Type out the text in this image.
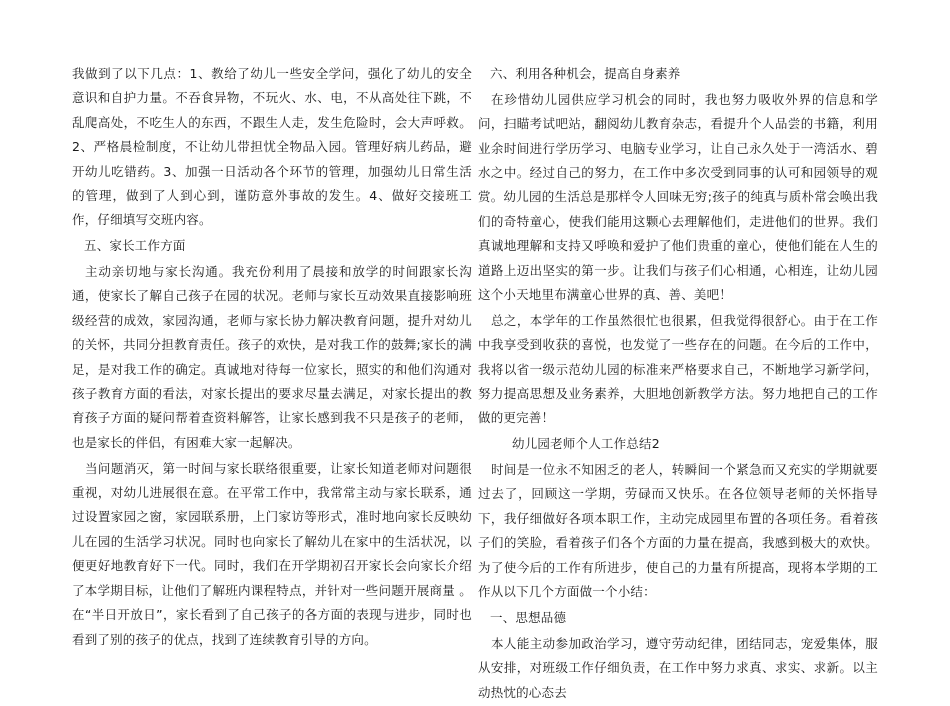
我做到了以下几点：1、教给了幼儿一些安全学问，强化了幼儿的安全意识和自护力量。不吞食异物，不玩火、水、电，不从高处往下跳，不乱爬高处，不吃生人的东西，不跟生人走，发生危险时，会大声呼救。2、严格晨检制度，不让幼儿带担忧全物品入园。管理好病儿药品，避开幼儿吃错药。3、加强一日活动各个环节的管理，加强幼儿日常生活的管理，做到了人到心到，谨防意外事故的发生。4、做好交接班工作，仔细填写交班内容。

五、家长工作方面

主动亲切地与家长沟通。我充份利用了晨接和放学的时间跟家长沟通，使家长了解自己孩子在园的状况。老师与家长互动效果直接影响班级经营的成效，家园沟通，老师与家长协力解决教育问题，提升对幼儿的关怀，共同分担教育责任。孩子的欢快，是对我工作的鼓舞;家长的满足，是对我工作的确定。真诚地对待每一位家长，照实的和他们沟通对孩子教育方面的看法，对家长提出的要求尽量去满足，对家长提出的教育孩子方面的疑问帮着查资料解答，让家长感到我不只是孩子的老师，也是家长的伴侣，有困难大家一起解决。

当问题消灭，第一时间与家长联络很重要，让家长知道老师对问题很重视，对幼儿进展很在意。在平常工作中，我常常主动与家长联系，通过设置家园之窗，家园联系册，上门家访等形式，准时地向家长反映幼儿在园的生活学习状况。同时也向家长了解幼儿在家中的生活状况，以便更好地教育好下一代。同时，我们在开学期初召开家长会向家长介绍了本学期目标，让他们了解班内课程特点，并针对一些问题开展商量 。在“半日开放日”，家长看到了自己孩子的各方面的表现与进步，同时也看到了别的孩子的优点，找到了连续教育引导的方向。

六、利用各种机会，提高自身素养

在珍惜幼儿园供应学习机会的同时，我也努力吸收外界的信息和学问，扫瞄考试吧站，翻阅幼儿教育杂志，看提升个人品尝的书籍，利用业余时间进行学历学习、电脑专业学习，让自己永久处于一湾活水、碧水之中。经过自己的努力，在工作中多次受到同事的认可和园领导的观赏。幼儿园的生活总是那样令人回味无穷;孩子的纯真与质朴常会唤出我们的奇特童心，使我们能用这颗心去理解他们，走进他们的世界。我们真诚地理解和支持又呼唤和爱护了他们贵重的童心，使他们能在人生的道路上迈出坚实的第一步。让我们与孩子们心相通，心相连，让幼儿园这个小天地里布满童心世界的真、善、美吧！

总之，本学年的工作虽然很忙也很累，但我觉得很舒心。由于在工作中我享受到收获的喜悦，也发觉了一些存在的问题。在今后的工作中，我将以省一级示范幼儿园的标准来严格要求自己，不断地学习新学问，努力提高思想及业务素养，大胆地创新教学方法。努力地把自己的工作做的更完善！

幼儿园老师个人工作总结2

时间是一位永不知困乏的老人，转瞬间一个紧急而又充实的学期就要过去了，回顾这一学期，劳碌而又快乐。在各位领导老师的关怀指导下，我仔细做好各项本职工作，主动完成园里布置的各项任务。看着孩子们的笑脸，看着孩子们各个方面的力量在提高，我感到极大的欢快。为了使今后的工作有所进步，使自己的力量有所提高，现将本学期的工作从以下几个方面做一个小结：

一、思想品德

本人能主动参加政治学习，遵守劳动纪律，团结同志，宠爱集体，服从安排，对班级工作仔细负责，在工作中努力求真、求实、求新。以主动热忱的心态去
